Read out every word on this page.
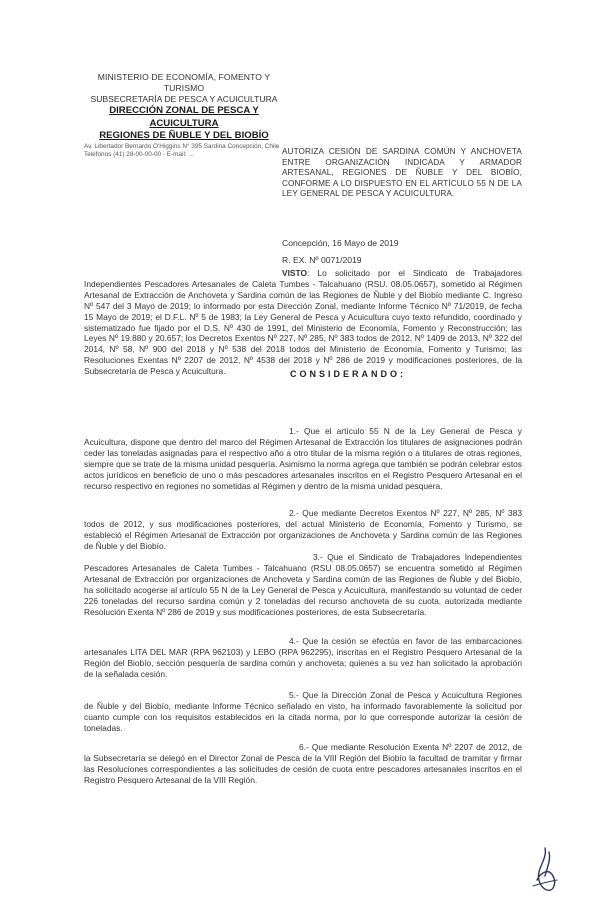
MINISTERIO DE ECONOMÍA, FOMENTO Y TURISMO
SUBSECRETARÍA DE PESCA Y ACUICULTURA
DIRECCIÓN ZONAL DE PESCA Y ACUICULTURA
REGIONES DE ÑUBLE Y DEL BIOBÍO
Av. Libertador Bernardo O'Higgins N° 395 Sardina Concepción, Chile
Teléfonos (41) 28-00-00-00 - E-mail: ...	AUTORIZA CESIÓN DE SARDINA COMÚN Y ANCHOVETA ENTRE ORGANIZACIÓN INDICADA Y ARMADOR ARTESANAL, REGIONES DE ÑUBLE Y DEL BIOBÍO, CONFORME A LO DISPUESTO EN EL ARTÍCULO 55 N DE LA LEY GENERAL DE PESCA Y ACUICULTURA.
Concepción, 16 Mayo de 2019
R. EX. Nº 0071/2019
VISTO: Lo solicitado por el Sindicato de Trabajadores Independientes Pescadores Artesanales de Caleta Tumbes - Talcahuano (RSU. 08.05.0657), sometido al Régimen Artesanal de Extracción de Anchoveta y Sardina común de las Regiones de Ñuble y del Biobío mediante C. Ingreso Nº 547 del 3 Mayo de 2019; lo informado por esta Dirección Zonal, mediante Informe Técnico Nº 71/2019, de fecha 15 Mayo de 2019; el D.F.L. Nº 5 de 1983; la Ley General de Pesca y Acuicultura cuyo texto refundido, coordinado y sistematizado fue fijado por el D.S. Nº 430 de 1991, del Ministerio de Economía, Fomento y Reconstrucción; las Leyes Nº 19.880 y 20.657; los Decretos Exentos Nº 227, Nº 285, Nº 383 todos de 2012, Nº 1409 de 2013, Nº 322 del 2014, Nº 58, Nº 900 del 2018 y Nº 538 del 2018 todos del Ministerio de Economía, Fomento y Turismo; las Resoluciones Exentas Nº 2207 de 2012, Nº 4538 del 2018 y Nº 286 de 2019 y modificaciones posteriores, de la Subsecretaría de Pesca y Acuicultura.	CONSIDERANDO:
1.- Que el artículo 55 N de la Ley General de Pesca y Acuicultura, dispone que dentro del marco del Régimen Artesanal de Extracción los titulares de asignaciones podrán ceder las toneladas asignadas para el respectivo año a otro titular de la misma región o a titulares de otras regiones, siempre que se trate de la misma unidad pesquería. Asimismo la norma agrega que también se podrán celebrar estos actos jurídicos en beneficio de uno o más pescadores artesanales inscritos en el Registro Pesquero Artesanal en el recurso respectivo en regiones no sometidas al Régimen y dentro de la misma unidad pesquera.
2.- Que mediante Decretos Exentos Nº 227, Nº 285, Nº 383 todos de 2012, y sus modificaciones posteriores, del actual Ministerio de Economía, Fomento y Turismo, se estableció el Régimen Artesanal de Extracción por organizaciones de Anchoveta y Sardina común de las Regiones de Ñuble y del Biobío.
3.- Que el Sindicato de Trabajadores Independientes Pescadores Artesanales de Caleta Tumbes - Talcahuano (RSU 08.05.0657) se encuentra sometido al Régimen Artesanal de Extracción por organizaciones de Anchoveta y Sardina común de las Regiones de Ñuble y del Biobío, ha solicitado acogerse al artículo 55 N de la Ley General de Pesca y Acuicultura, manifestando su voluntad de ceder 226 toneladas del recurso sardina común y 2 toneladas del recurso anchoveta de su cuota, autorizada mediante Resolución Exenta Nº 286 de 2019 y sus modificaciones posteriores, de esta Subsecretaría.
4.- Que la cesión se efectúa en favor de las embarcaciones artesanales LITA DEL MAR (RPA 962103) y LEBO (RPA 962295), inscritas en el Registro Pesquero Artesanal de la Región del Biobío, sección pesquería de sardina común y anchoveta; quienes a su vez han solicitado la aprobación de la señalada cesión.
5.- Que la Dirección Zonal de Pesca y Acuicultura Regiones de Ñuble y del Biobío, mediante Informe Técnico señalado en visto, ha informado favorablemente la solicitud por cuanto cumple con los requisitos establecidos en la citada norma, por lo que corresponde autorizar la cesión de toneladas.
6.- Que mediante Resolución Exenta Nº 2207 de 2012, de la Subsecretaría se delegó en el Director Zonal de Pesca de la VIII Región del Biobío la facultad de tramitar y firmar las Resoluciones correspondientes a las solicitudes de cesión de cuota entre pescadores artesanales inscritos en el Registro Pesquero Artesanal de la VIII Región.
